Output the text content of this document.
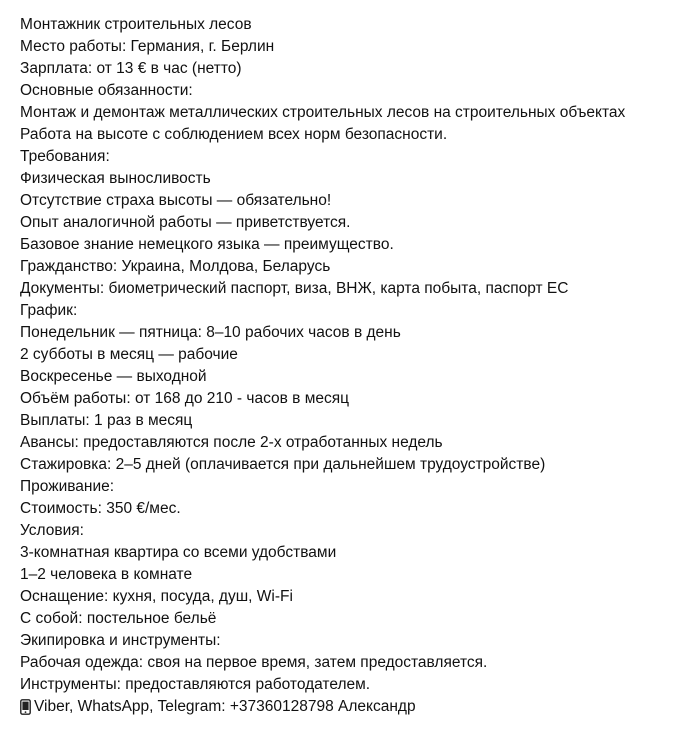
Монтажник строительных лесов
Место работы: Германия, г. Берлин
Зарплата: от 13 € в час (нетто)
Основные обязанности:
Монтаж и демонтаж металлических строительных лесов на строительных объектах
Работа на высоте с соблюдением всех норм безопасности.
Требования:
Физическая выносливость
Отсутствие страха высоты — обязательно!
Опыт аналогичной работы — приветствуется.
Базовое знание немецкого языка — преимущество.
Гражданство: Украина, Молдова, Беларусь
Документы: биометрический паспорт, виза, ВНЖ, карта побыта, паспорт ЕС
График:
Понедельник — пятница: 8–10 рабочих часов в день
2 субботы в месяц — рабочие
Воскресенье — выходной
Объём работы: от 168 до 210 - часов в месяц
Выплаты: 1 раз в месяц
Авансы: предоставляются после 2-х отработанных недель
Стажировка: 2–5 дней (оплачивается при дальнейшем трудоустройстве)
Проживание:
Стоимость: 350 €/мес.
Условия:
3-комнатная квартира со всеми удобствами
1–2 человека в комнате
Оснащение: кухня, посуда, душ, Wi-Fi
С собой: постельное бельё
Экипировка и инструменты:
Рабочая одежда: своя на первое время, затем предоставляется.
Инструменты: предоставляются работодателем.
Viber, WhatsApp, Telegram: +37360128798 Александр
